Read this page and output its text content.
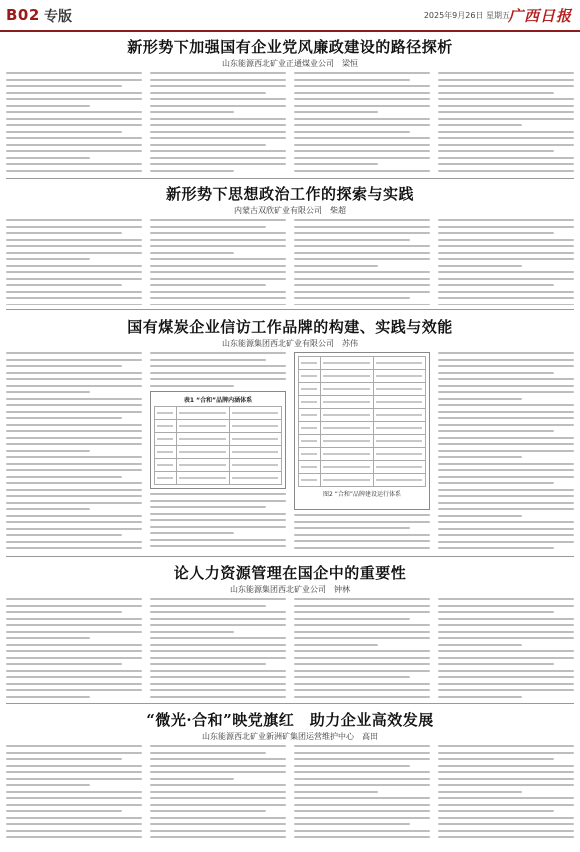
B02 专版	2025年9月26日 星期五
广西日报
新形势下加强国有企业党风廉政建设的路径探析
山东能源西北矿业正通煤业公司　梁恒
新形势下思想政治工作的探索与实践
内蒙古双欣矿业有限公司　柴超
国有煤炭企业信访工作品牌的构建、实践与效能
山东能源集团西北矿业有限公司　苏伟
表1 “合和”品牌内涵体系
图2 “合和”品牌建设运行体系
论人力资源管理在国企中的重要性
山东能源集团西北矿业公司　钟林
“微光·合和”映党旗红　助力企业高效发展
山东能源西北矿业新洲矿集团运营维护中心　高田
